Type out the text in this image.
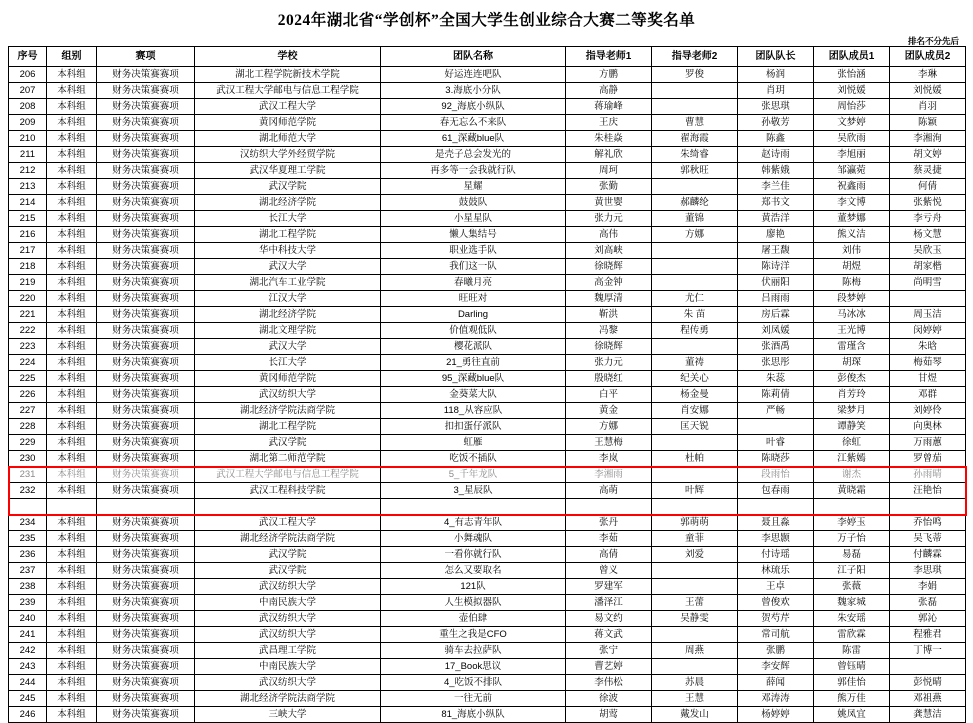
2024年湖北省“学创杯”全国大学生创业综合大赛二等奖名单
排名不分先后
序号	组别	赛项	学校	团队名称	指导老师1	指导老师2	团队队长	团队成员1	团队成员2	
206	本科组	财务决策赛赛项	湖北工程学院新技术学院	好运连连吧队	方鹏	罗俊	杨润	张怡涵	李琳	
207	本科组	财务决策赛赛项	武汉工程大学邮电与信息工程学院	3.海底小分队	高静		肖玥	刘悦媛	刘悦媛	
208	本科组	财务决策赛赛项	武汉工程大学	92_海底小纵队	蒋瑜峰		张思琪	周怡莎	肖羽	
209	本科组	财务决策赛赛项	黄冈师范学院	春无忘么不来队	王庆	曹慧	孙敬芳	文梦婷	陈颖	
210	本科组	财务决策赛赛项	湖北师范大学	61_深藏blue队	朱桂焱	翟海霞	陈鑫	吴欣雨	李湘洵	
211	本科组	财务决策赛赛项	汉纺织大学外经贸学院	是壳子总会发光的	解礼欣	朱绮睿	赵诗雨	李旭丽	胡文婷	
212	本科组	财务决策赛赛项	武汉华夏理工学院	再多等一会我就行队	周珂	郭秋旺	韩紫娥	邹瀛菀	蔡灵捷	
213	本科组	财务决策赛赛项	武汉学院	星耀	张勤		李兰佳	祝鑫雨	何倩	
214	本科组	财务决策赛赛项	湖北经济学院	鼓鼓队	黄世婴	郝麟纶	郑书文	李文博	张紫悦	
215	本科组	财务决策赛赛项	长江大学	小星星队	张力元	董锦	黄浩洋	董梦娜	李亏舟	
216	本科组	财务决策赛赛项	湖北工程学院	懒人集结号	高伟	方娜	廖艳	熊义洁	杨文慧	
217	本科组	财务决策赛赛项	华中科技大学	职业选手队	刘高峡		屠王馥	刘伟	吴欣玉	
218	本科组	财务决策赛赛项	武汉大学	我们这一队	徐晓辉		陈诗洋	胡煜	胡家楷	
219	本科组	财务决策赛赛项	湖北汽车工业学院	春曦月亮	高金钟		伏丽阳	陈梅	尚明雪	
220	本科组	财务决策赛赛项	江汉大学	旺旺对	魏厚清	尤仁	吕雨雨	段梦婷		
221	本科组	财务决策赛赛项	湖北经济学院	Darling	靳洪	朱 苗	房后霖	马冰冰	周玉洁	
222	本科组	财务决策赛赛项	湖北文理学院	价值观低队	冯黎	程传勇	刘凤媛	王光博	闵婷婷	
223	本科组	财务决策赛赛项	武汉大学	樱花派队	徐晓辉		张酒禹	雷瑾含	朱晗	
224	本科组	财务决策赛赛项	长江大学	21_勇往直前	张力元	董祷	张思彤	胡琛	梅茹琴	
225	本科组	财务决策赛赛项	黄冈师范学院	95_深藏blue队	殷晓红	纪关心	朱蕊	彭俊杰	甘煜	
226	本科组	财务决策赛赛项	武汉纺织大学	金葵菜大队	白平	杨金曼	陈莉倩	肖芳玲	邓群	
227	本科组	财务决策赛赛项	湖北经济学院法商学院	118_从容应队	黄金	肖安娜	严畅	梁梦月	刘婷伶	
228	本科组	财务决策赛赛项	湖北工程学院	扣扣蛋仔派队	方娜	匡天锐		谭静笑	向奥林	
229	本科组	财务决策赛赛项	武汉学院	虹雁	王慧梅		叶睿	徐虹	万雨蕙	
230	本科组	财务决策赛赛项	湖北第二师范学院	吃饭不插队	李岚	杜帕	陈晓莎	江紫嫣	罗曾茄	
231	本科组	财务决策赛赛项	武汉工程大学邮电与信息工程学院	5_千年龙队	李湘雨		段雨怡	谢杰	孙雨晴	
232	本科组	财务决策赛赛项	武汉工程科技学院	3_星辰队	高萌	叶辉	包春雨	黄晓霜	汪艳怡	

234	本科组	财务决策赛赛项	武汉工程大学	4_有志青年队	张丹	郭萌萌	聂且淼	李婷玉	乔怡鸣	
235	本科组	财务决策赛赛项	湖北经济学院法商学院	小舞魂队	李茹	童菲	李思颢	万子怡	吴飞蒂	
236	本科组	财务决策赛赛项	武汉学院	一看你就行队	高倩	刘爱	付诗瑶	易磊	付麟霖	
237	本科组	财务决策赛赛项	武汉学院	怎么又要取名	曾义		林琉乐	江子阳	李思琪	
238	本科组	财务决策赛赛项	武汉纺织大学	121队	罗建军		王卓	张薇	李娟	
239	本科组	财务决策赛赛项	中南民族大学	人生模拟器队	潘泽江	王蕾	曾俊欢	魏家城	张磊	
240	本科组	财务决策赛赛项	武汉纺织大学	壶伯肆	易文约	吴静雯	贺芍芹	朱安瑶	郭沁	
241	本科组	财务决策赛赛项	武汉纺织大学	重生之我是CFO	蒋文武		常司航	雷欣霖	程雅君	
242	本科组	财务决策赛赛项	武昌理工学院	骑车去拉萨队	张宁	周燕	张鹏	陈雷	丁博一	
243	本科组	财务决策赛赛项	中南民族大学	17_Book思议	曹艺婷		李安辉	曾钰晴		
244	本科组	财务决策赛赛项	武汉纺织大学	4_吃饭不排队	李伟松	苏晨	薛闻	郭佳怡	彭悦晴	
245	本科组	财务决策赛赛项	湖北经济学院法商学院	一往无前	徐波	王慧	邓涛涛	熊万佳	邓祖燕	
246	本科组	财务决策赛赛项	三峡大学	81_海底小纵队	胡莺	戴发山	杨婷婷	姚凤宜	龚慧洁	
